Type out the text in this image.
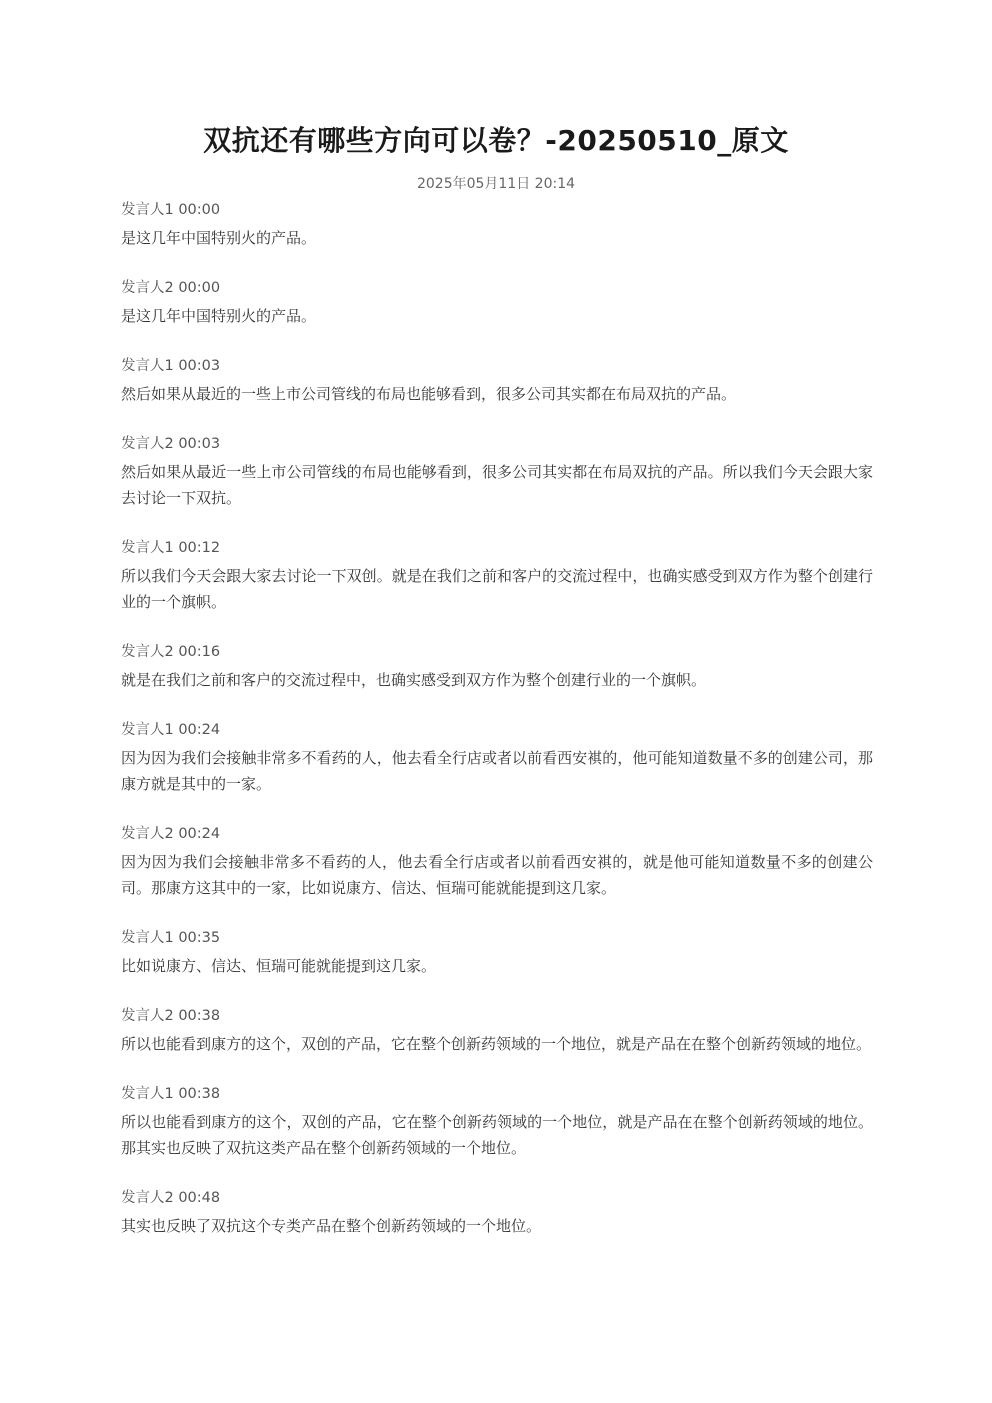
双抗还有哪些方向可以卷？-20250510_原文
2025年05月11日 20:14
发言人1 00:00
是这几年中国特别火的产品。
发言人2 00:00
是这几年中国特别火的产品。
发言人1 00:03
然后如果从最近的一些上市公司管线的布局也能够看到，很多公司其实都在布局双抗的产品。
发言人2 00:03
然后如果从最近一些上市公司管线的布局也能够看到，很多公司其实都在布局双抗的产品。所以我们今天会跟大家去讨论一下双抗。
发言人1 00:12
所以我们今天会跟大家去讨论一下双创。就是在我们之前和客户的交流过程中，也确实感受到双方作为整个创建行业的一个旗帜。
发言人2 00:16
就是在我们之前和客户的交流过程中，也确实感受到双方作为整个创建行业的一个旗帜。
发言人1 00:24
因为因为我们会接触非常多不看药的人，他去看全行店或者以前看西安褀的，他可能知道数量不多的创建公司，那康方就是其中的一家。
发言人2 00:24
因为因为我们会接触非常多不看药的人，他去看全行店或者以前看西安褀的，就是他可能知道数量不多的创建公司。那康方这其中的一家，比如说康方、信达、恒瑞可能就能提到这几家。
发言人1 00:35
比如说康方、信达、恒瑞可能就能提到这几家。
发言人2 00:38
所以也能看到康方的这个，双创的产品，它在整个创新药领域的一个地位，就是产品在在整个创新药领域的地位。
发言人1 00:38
所以也能看到康方的这个，双创的产品，它在整个创新药领域的一个地位，就是产品在在整个创新药领域的地位。那其实也反映了双抗这类产品在整个创新药领域的一个地位。
发言人2 00:48
其实也反映了双抗这个专类产品在整个创新药领域的一个地位。
